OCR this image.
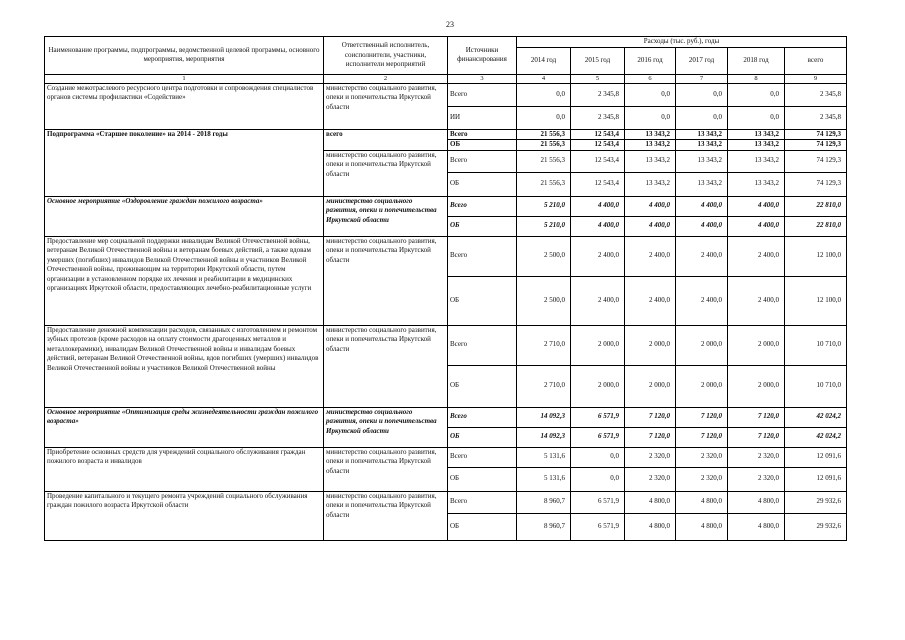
23
Наименование программы, подпрограммы, ведомственной целевой программы, основного мероприятия, мероприятия	Ответственный исполнитель, соисполнители, участники, исполнители мероприятий	Источники финансирования	Расходы (тыс. руб.), годы					
			2014 год	2015 год	2016 год	2017 год	2018 год	всего
1	2	3	4	5	6	7	8	9
Создание межотраслевого ресурсного центра подготовки и сопровождения специалистов органов системы профилактики «Содействие»	министерство социального развития, опеки и попечительства Иркутской области	Всего	0,0	2 345,8	0,0	0,0	0,0	2 345,8
		ИИ	0,0	2 345,8	0,0	0,0	0,0	2 345,8
Подпрограмма «Старшее поколение» на 2014 - 2018 годы	всего	Всего	21 556,3	12 543,4	13 343,2	13 343,2	13 343,2	74 129,3
		ОБ	21 556,3	12 543,4	13 343,2	13 343,2	13 343,2	74 129,3
	министерство социального развития, опеки и попечительства Иркутской области	Всего	21 556,3	12 543,4	13 343,2	13 343,2	13 343,2	74 129,3
		ОБ	21 556,3	12 543,4	13 343,2	13 343,2	13 343,2	74 129,3
Основное мероприятие «Оздоровление граждан пожилого возраста»	министерство социального развития, опеки и попечительства Иркутской области	Всего	5 210,0	4 400,0	4 400,0	4 400,0	4 400,0	22 810,0
		ОБ	5 210,0	4 400,0	4 400,0	4 400,0	4 400,0	22 810,0
Предоставление мер социальной поддержки инвалидам Великой Отечественной войны, ветеранам Великой Отечественной войны и ветеранам боевых действий, а также вдовам умерших (погибших) инвалидов Великой Отечественной войны и участников Великой Отечественной войны, проживающим на территории Иркутской области, путем организации в установленном порядке их лечения и реабилитации в медицинских организациях Иркутской области, предоставляющих лечебно-реабилитационные услуги	министерство социального развития, опеки и попечительства Иркутской области	Всего	2 500,0	2 400,0	2 400,0	2 400,0	2 400,0	12 100,0
		ОБ	2 500,0	2 400,0	2 400,0	2 400,0	2 400,0	12 100,0
Предоставление денежной компенсации расходов, связанных с изготовлением и ремонтом зубных протезов (кроме расходов на оплату стоимости драгоценных металлов и металлокерамики), инвалидам Великой Отечественной войны и инвалидам боевых действий, ветеранам Великой Отечественной войны, вдов погибших (умерших) инвалидов Великой Отечественной войны и участников Великой Отечественной войны	министерство социального развития, опеки и попечительства Иркутской области	Всего	2 710,0	2 000,0	2 000,0	2 000,0	2 000,0	10 710,0
		ОБ	2 710,0	2 000,0	2 000,0	2 000,0	2 000,0	10 710,0
Основное мероприятие «Оптимизация среды жизнедеятельности граждан пожилого возраста»	министерство социального развития, опеки и попечительства Иркутской области	Всего	14 092,3	6 571,9	7 120,0	7 120,0	7 120,0	42 024,2
		ОБ	14 092,3	6 571,9	7 120,0	7 120,0	7 120,0	42 024,2
Приобретение основных средств для учреждений социального обслуживания граждан пожилого возраста и инвалидов	министерство социального развития, опеки и попечительства Иркутской области	Всего	5 131,6	0,0	2 320,0	2 320,0	2 320,0	12 091,6
		ОБ	5 131,6	0,0	2 320,0	2 320,0	2 320,0	12 091,6
Проведение капитального и текущего ремонта учреждений социального обслуживания граждан пожилого возраста Иркутской области	министерство социального развития, опеки и попечительства Иркутской области	Всего	8 960,7	6 571,9	4 800,0	4 800,0	4 800,0	29 932,6
		ОБ	8 960,7	6 571,9	4 800,0	4 800,0	4 800,0	29 932,6
